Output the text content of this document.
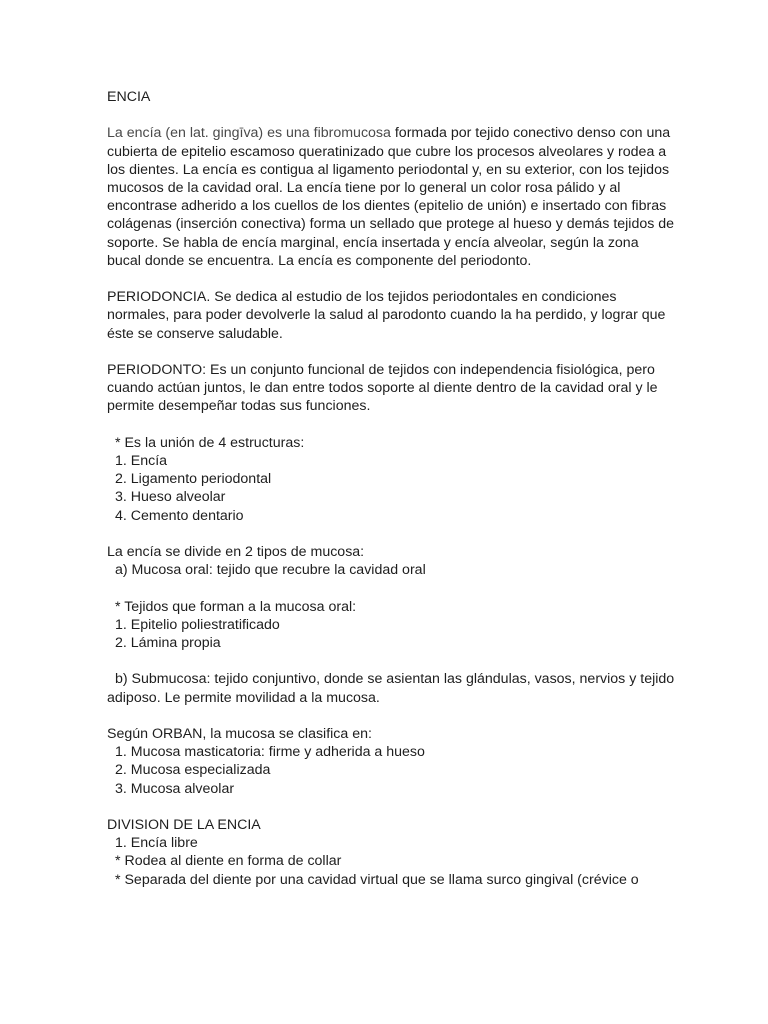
ENCIA

La encía (en lat. gingīva) es una fibromucosa formada por tejido conectivo denso con una
cubierta de epitelio escamoso queratinizado que cubre los procesos alveolares y rodea a
los dientes. La encía es contigua al ligamento periodontal y, en su exterior, con los tejidos
mucosos de la cavidad oral. La encía tiene por lo general un color rosa pálido y al
encontrase adherido a los cuellos de los dientes (epitelio de unión) e insertado con fibras
colágenas (inserción conectiva) forma un sellado que protege al hueso y demás tejidos de
soporte. Se habla de encía marginal, encía insertada y encía alveolar, según la zona
bucal donde se encuentra. La encía es componente del periodonto.

PERIODONCIA. Se dedica al estudio de los tejidos periodontales en condiciones
normales, para poder devolverle la salud al parodonto cuando la ha perdido, y lograr que
éste se conserve saludable.

PERIODONTO: Es un conjunto funcional de tejidos con independencia fisiológica, pero
cuando actúan juntos, le dan entre todos soporte al diente dentro de la cavidad oral y le
permite desempeñar todas sus funciones.

* Es la unión de 4 estructuras:
1. Encía
2. Ligamento periodontal
3. Hueso alveolar
4. Cemento dentario

La encía se divide en 2 tipos de mucosa:
a) Mucosa oral: tejido que recubre la cavidad oral

* Tejidos que forman a la mucosa oral:
1. Epitelio poliestratificado
2. Lámina propia

b) Submucosa: tejido conjuntivo, donde se asientan las glándulas, vasos, nervios y tejido
adiposo. Le permite movilidad a la mucosa.

Según ORBAN, la mucosa se clasifica en:
1. Mucosa masticatoria: firme y adherida a hueso
2. Mucosa especializada
3. Mucosa alveolar

DIVISION DE LA ENCIA
1. Encía libre
* Rodea al diente en forma de collar
* Separada del diente por una cavidad virtual que se llama surco gingival (crévice o
